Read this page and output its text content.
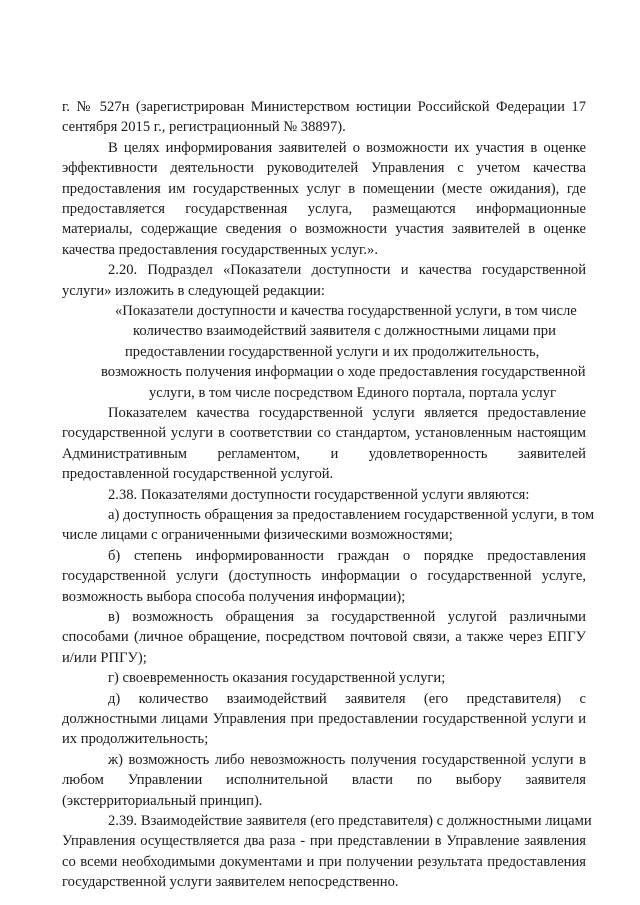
г. № 527н (зарегистрирован Министерством юстиции Российской Федерации 17
сентября 2015 г., регистрационный № 38897).
В целях информирования заявителей о возможности их участия в оценке
эффективности деятельности руководителей Управления с учетом качества
предоставления им государственных услуг в помещении (месте ожидания), где
предоставляется государственная услуга, размещаются информационные
материалы, содержащие сведения о возможности участия заявителей в оценке
качества предоставления государственных услуг.».
2.20. Подраздел «Показатели доступности и качества государственной
услуги» изложить в следующей редакции:
«Показатели доступности и качества государственной услуги, в том числе
количество взаимодействий заявителя с должностными лицами при
предоставлении государственной услуги и их продолжительность,
возможность получения информации о ходе предоставления государственной
услуги, в том числе посредством Единого портала, портала услуг
Показателем качества государственной услуги является предоставление
государственной услуги в соответствии со стандартом, установленным настоящим
Административным регламентом, и удовлетворенность заявителей
предоставленной государственной услугой.
2.38. Показателями доступности государственной услуги являются:
а) доступность обращения за предоставлением государственной услуги, в том
числе лицами с ограниченными физическими возможностями;
б) степень информированности граждан о порядке предоставления
государственной услуги (доступность информации о государственной услуге,
возможность выбора способа получения информации);
в) возможность обращения за государственной услугой различными
способами (личное обращение, посредством почтовой связи, а также через ЕПГУ
и/или РПГУ);
г) своевременность оказания государственной услуги;
д) количество взаимодействий заявителя (его представителя) с
должностными лицами Управления при предоставлении государственной услуги и
их продолжительность;
ж) возможность либо невозможность получения государственной услуги в
любом Управлении исполнительной власти по выбору заявителя
(экстерриториальный принцип).
2.39. Взаимодействие заявителя (его представителя) с должностными лицами
Управления осуществляется два раза - при представлении в Управление заявления
со всеми необходимыми документами и при получении результата предоставления
государственной услуги заявителем непосредственно.
